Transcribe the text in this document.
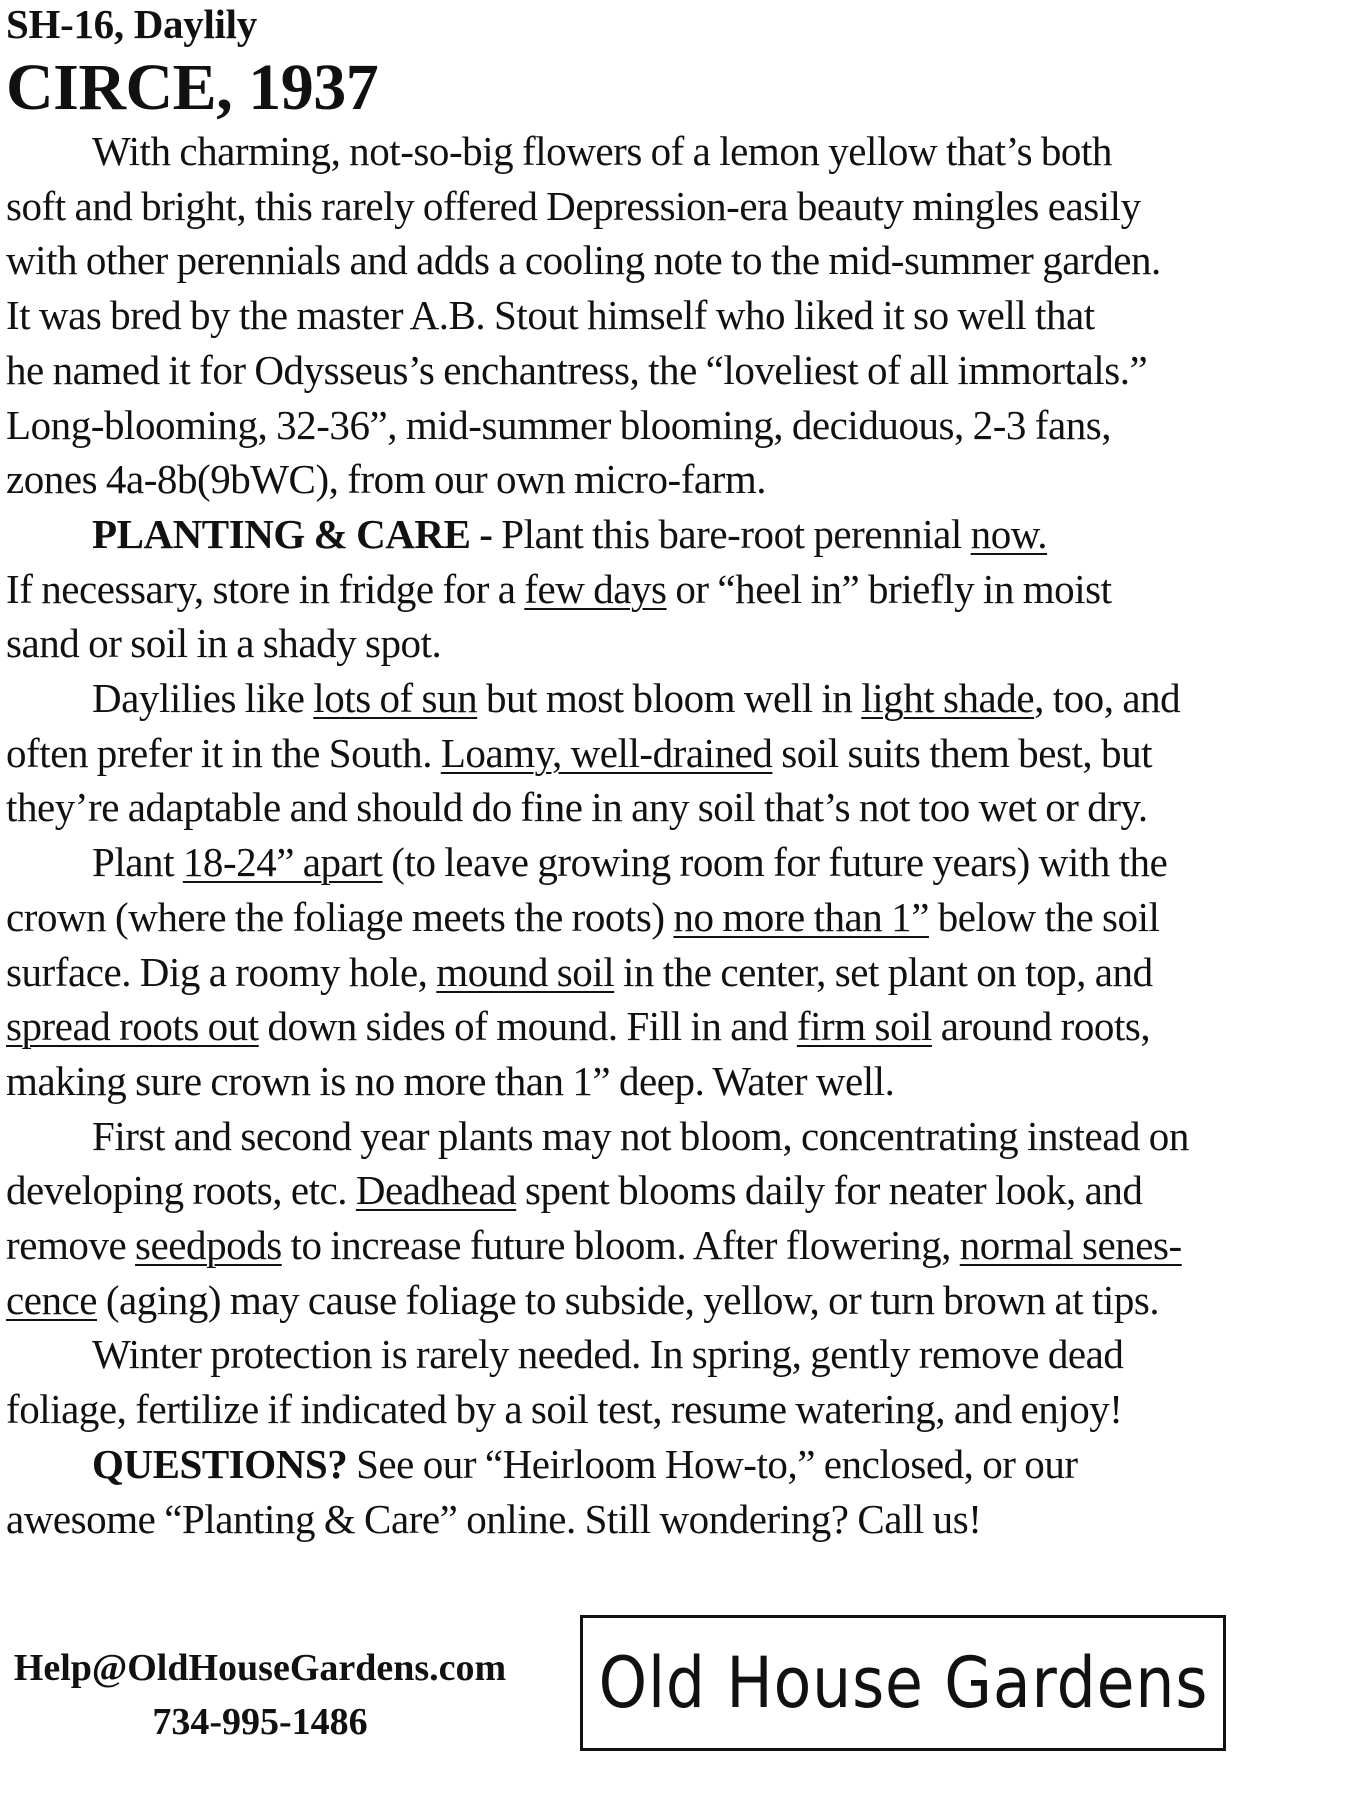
SH-16, Daylily
CIRCE, 1937

With charming, not-so-big flowers of a lemon yellow that’s both
soft and bright, this rarely offered Depression-era beauty mingles easily
with other perennials and adds a cooling note to the mid-summer garden.
It was bred by the master A.B. Stout himself who liked it so well that
he named it for Odysseus’s enchantress, the “loveliest of all immortals.”
Long-blooming, 32-36”, mid-summer blooming, deciduous, 2-3 fans,
zones 4a-8b(9bWC), from our own micro-farm.

PLANTING & CARE - Plant this bare-root perennial now.
If necessary, store in fridge for a few days or “heel in” briefly in moist
sand or soil in a shady spot.

Daylilies like lots of sun but most bloom well in light shade, too, and
often prefer it in the South. Loamy, well-drained soil suits them best, but
they’re adaptable and should do fine in any soil that’s not too wet or dry.

Plant 18-24” apart (to leave growing room for future years) with the
crown (where the foliage meets the roots) no more than 1” below the soil
surface. Dig a roomy hole, mound soil in the center, set plant on top, and
spread roots out down sides of mound. Fill in and firm soil around roots,
making sure crown is no more than 1” deep. Water well.

First and second year plants may not bloom, concentrating instead on
developing roots, etc. Deadhead spent blooms daily for neater look, and
remove seedpods to increase future bloom. After flowering, normal senes-
cence (aging) may cause foliage to subside, yellow, or turn brown at tips.

Winter protection is rarely needed. In spring, gently remove dead
foliage, fertilize if indicated by a soil test, resume watering, and enjoy!

QUESTIONS? See our “Heirloom How-to,” enclosed, or our
awesome “Planting & Care” online. Still wondering? Call us!

Help@OldHouseGardens.com
734-995-1486	Old House Gardens
